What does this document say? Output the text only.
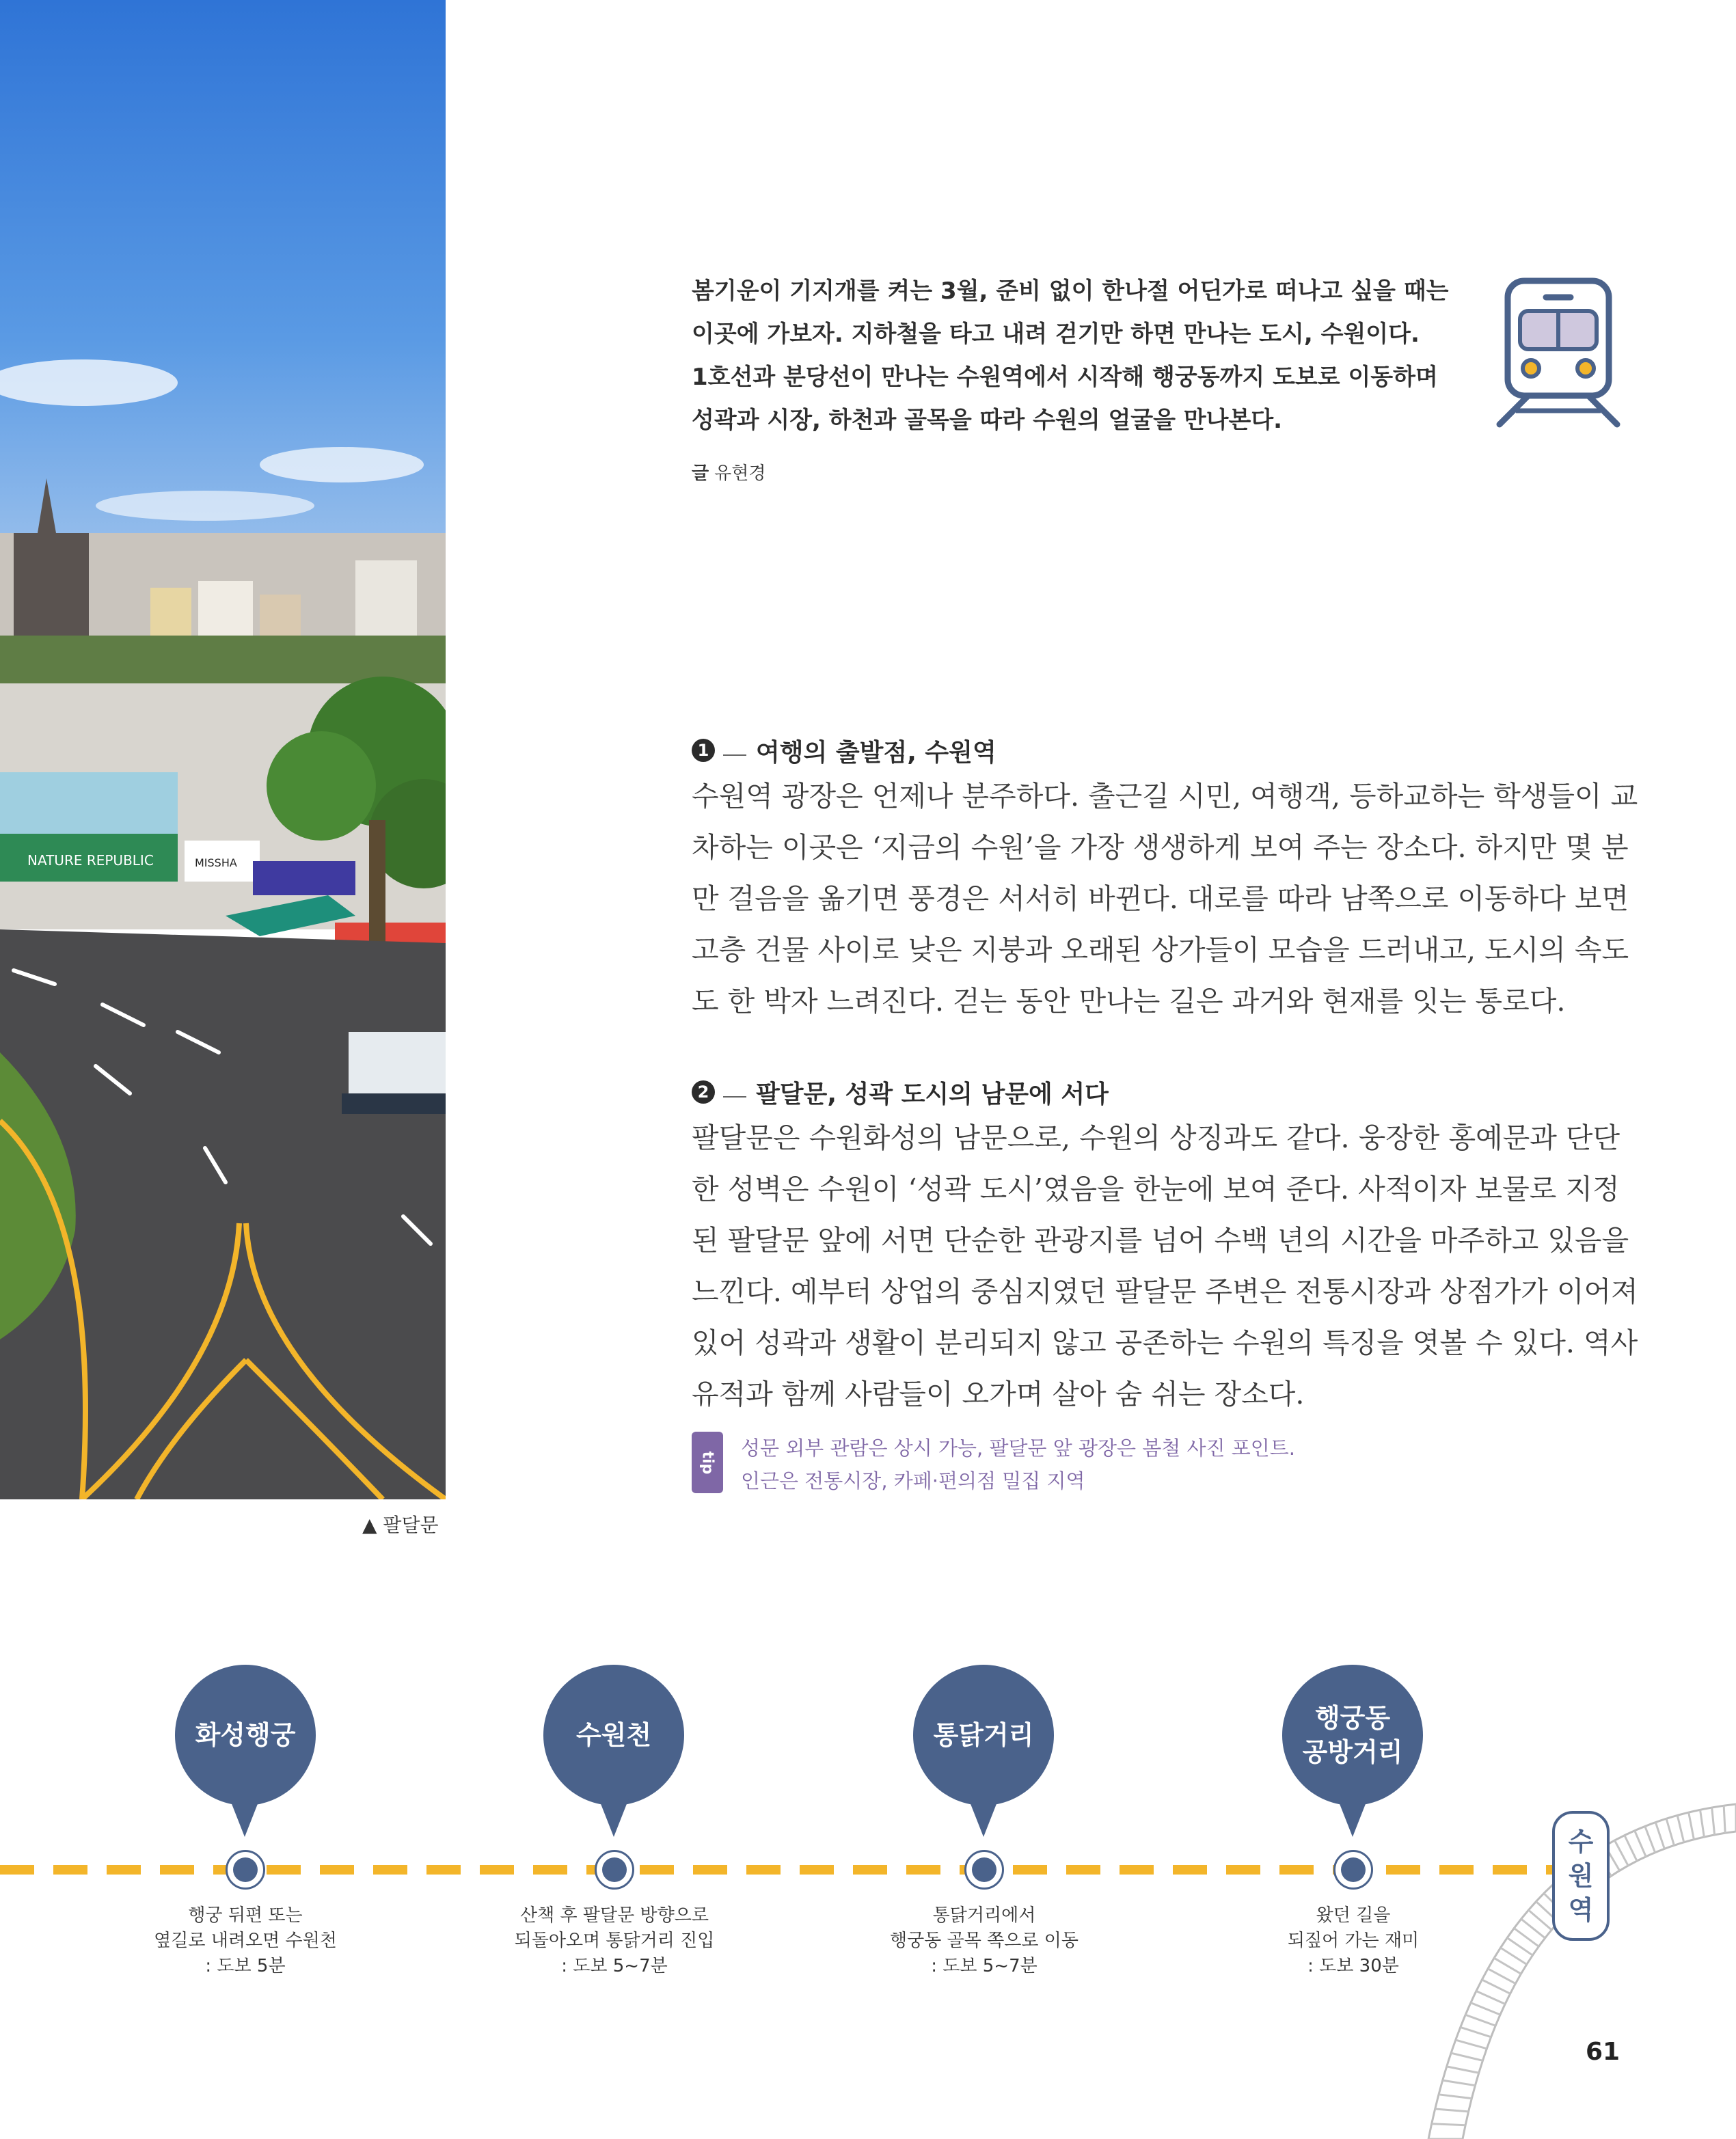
NATURE REPUBLIC	MISSHA
▲ 팔달문

봄기운이 기지개를 켜는 3월, 준비 없이 한나절 어딘가로 떠나고 싶을 때는

이곳에 가보자. 지하철을 타고 내려 걷기만 하면 만나는 도시, 수원이다.

1호선과 분당선이 만나는 수원역에서 시작해 행궁동까지 도보로 이동하며

성곽과 시장, 하천과 골목을 따라 수원의 얼굴을 만나본다.

글 유현경
1 여행의 출발점, 수원역

수원역 광장은 언제나 분주하다. 출근길 시민, 여행객, 등하교하는 학생들이 교
차하는 이곳은 ‘지금의 수원’을 가장 생생하게 보여 주는 장소다. 하지만 몇 분
만 걸음을 옮기면 풍경은 서서히 바뀐다. 대로를 따라 남쪽으로 이동하다 보면
고층 건물 사이로 낮은 지붕과 오래된 상가들이 모습을 드러내고, 도시의 속도
도 한 박자 느려진다. 걷는 동안 만나는 길은 과거와 현재를 잇는 통로다.

2 팔달문, 성곽 도시의 남문에 서다

팔달문은 수원화성의 남문으로, 수원의 상징과도 같다. 웅장한 홍예문과 단단
한 성벽은 수원이 ‘성곽 도시’였음을 한눈에 보여 준다. 사적이자 보물로 지정
된 팔달문 앞에 서면 단순한 관광지를 넘어 수백 년의 시간을 마주하고 있음을
느낀다. 예부터 상업의 중심지였던 팔달문 주변은 전통시장과 상점가가 이어져
있어 성곽과 생활이 분리되지 않고 공존하는 수원의 특징을 엿볼 수 있다. 역사
유적과 함께 사람들이 오가며 살아 숨 쉬는 장소다.

tip
성문 외부 관람은 상시 가능, 팔달문 앞 광장은 봄철 사진 포인트.
인근은 전통시장, 카페·편의점 밀집 지역
화성행궁
행궁 뒤편 또는
옆길로 내려오면 수원천
: 도보 5분
수원천
산책 후 팔달문 방향으로
되돌아오며 통닭거리 진입
: 도보 5~7분
통닭거리
통닭거리에서
행궁동 골목 쪽으로 이동
: 도보 5~7분
행궁동
공방거리
왔던 길을
되짚어 가는 재미
: 도보 30분
수
원
역
61
